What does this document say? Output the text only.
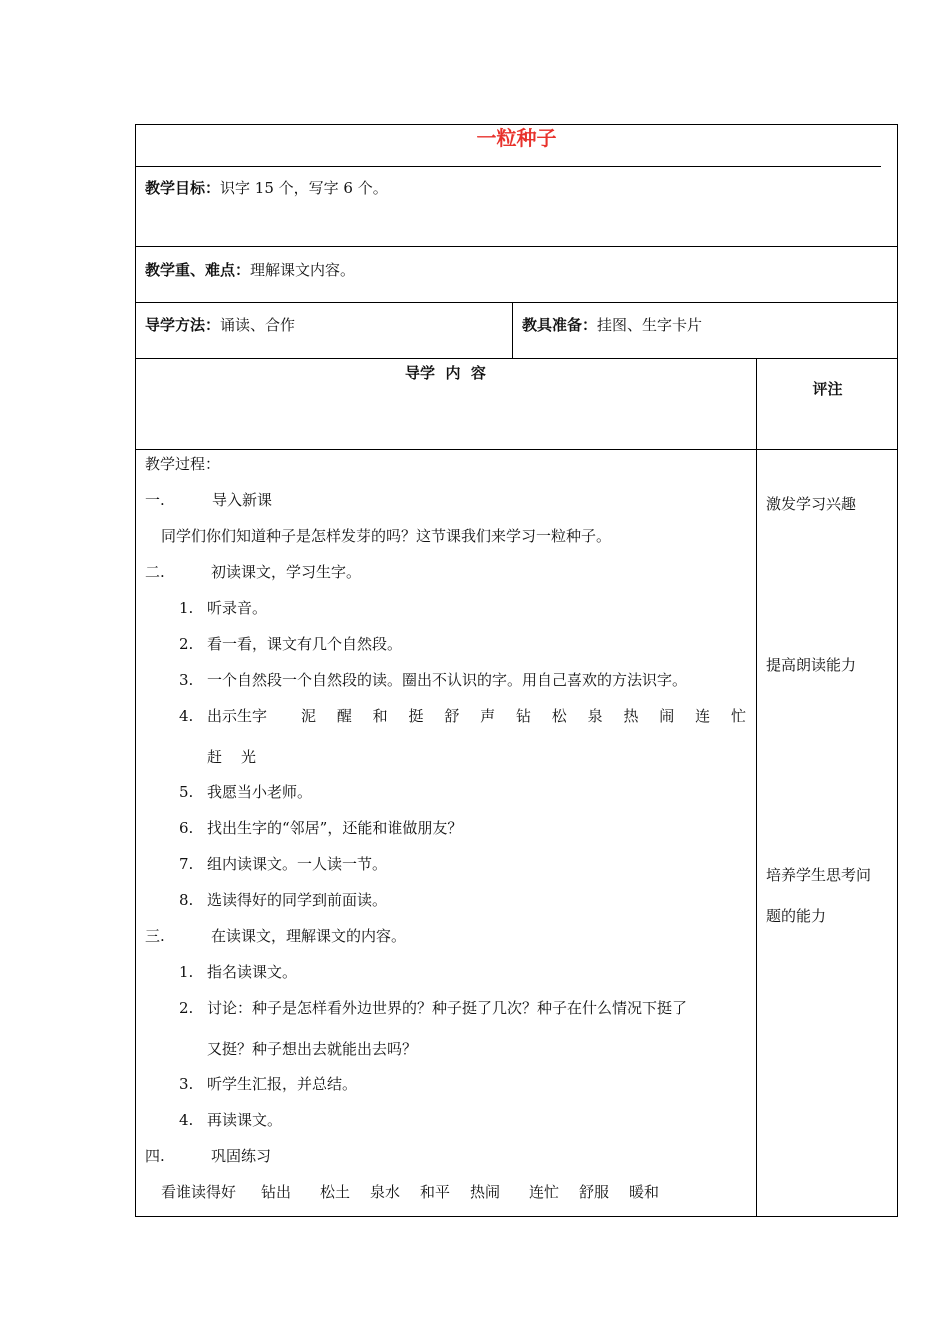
一粒种子
教学目标：识字 15 个，写字 6 个。
教学重、难点：理解课文内容。
导学方法：诵读、合作	教具准备：挂图、生字卡片
导学  内  容
评注
教学过程：
一.	导入新课
同学们你们知道种子是怎样发芽的吗？这节课我们来学习一粒种子。
二.	初读课文，学习生字。
1. 听录音。
2. 看一看，课文有几个自然段。
3. 一个自然段一个自然段的读。圈出不认识的字。用自己喜欢的方法识字。
4. 出示生字 泥 醒 和 挺 舒 声 钻 松 泉 热 闹 连 忙
赶 光
5. 我愿当小老师。
6. 找出生字的“邻居”，还能和谁做朋友？
7. 组内读课文。一人读一节。
8. 选读得好的同学到前面读。
三.	在读课文，理解课文的内容。
1. 指名读课文。
2. 讨论：种子是怎样看外边世界的？种子挺了几次？种子在什么情况下挺了
又挺？种子想出去就能出去吗？
3. 听学生汇报，并总结。
4. 再读课文。
四.	巩固练习
看谁读得好 钻出 松土 泉水 和平 热闹 连忙 舒服 暖和
激发学习兴趣
提高朗读能力
培养学生思考问
题的能力
